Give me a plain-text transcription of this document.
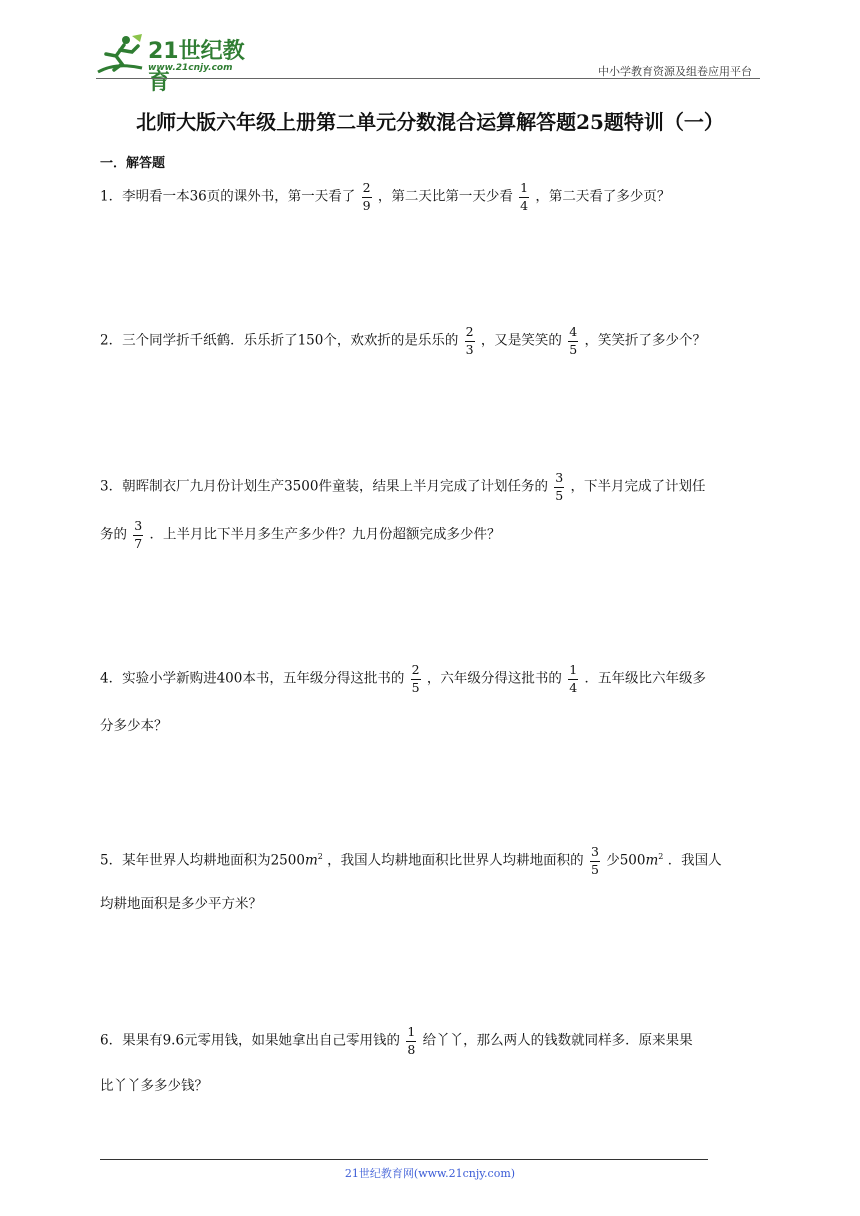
21世纪教育
www.21cnjy.com	中小学教育资源及组卷应用平台
北师大版六年级上册第二单元分数混合运算解答题25题特训（一）
一．解答题
1．李明看一本36页的课外书，第一天看了 $\frac{2}{9}$ ，第二天比第一天少看 $\frac{1}{4}$ ，第二天看了多少页？
2．三个同学折千纸鹤．乐乐折了150个，欢欢折的是乐乐的 $\frac{2}{3}$ ，又是笑笑的 $\frac{4}{5}$ ，笑笑折了多少个？
3．朝晖制衣厂九月份计划生产3500件童装，结果上半月完成了计划任务的 $\frac{3}{5}$ ，下半月完成了计划任
务的 $\frac{3}{7}$ ．上半月比下半月多生产多少件？九月份超额完成多少件？
4．实验小学新购进400本书，五年级分得这批书的 $\frac{2}{5}$ ，六年级分得这批书的 $\frac{1}{4}$ ．五年级比六年级多
分多少本？
5．某年世界人均耕地面积为$2500m^2$ ，我国人均耕地面积比世界人均耕地面积的 $\frac{3}{5}$ 少$500m^2$ ．我国人
均耕地面积是多少平方米？
6．果果有9.6元零用钱，如果她拿出自己零用钱的 $\frac{1}{8}$ 给丫丫，那么两人的钱数就同样多．原来果果
比丫丫多多少钱？
21世纪教育网(www.21cnjy.com)
